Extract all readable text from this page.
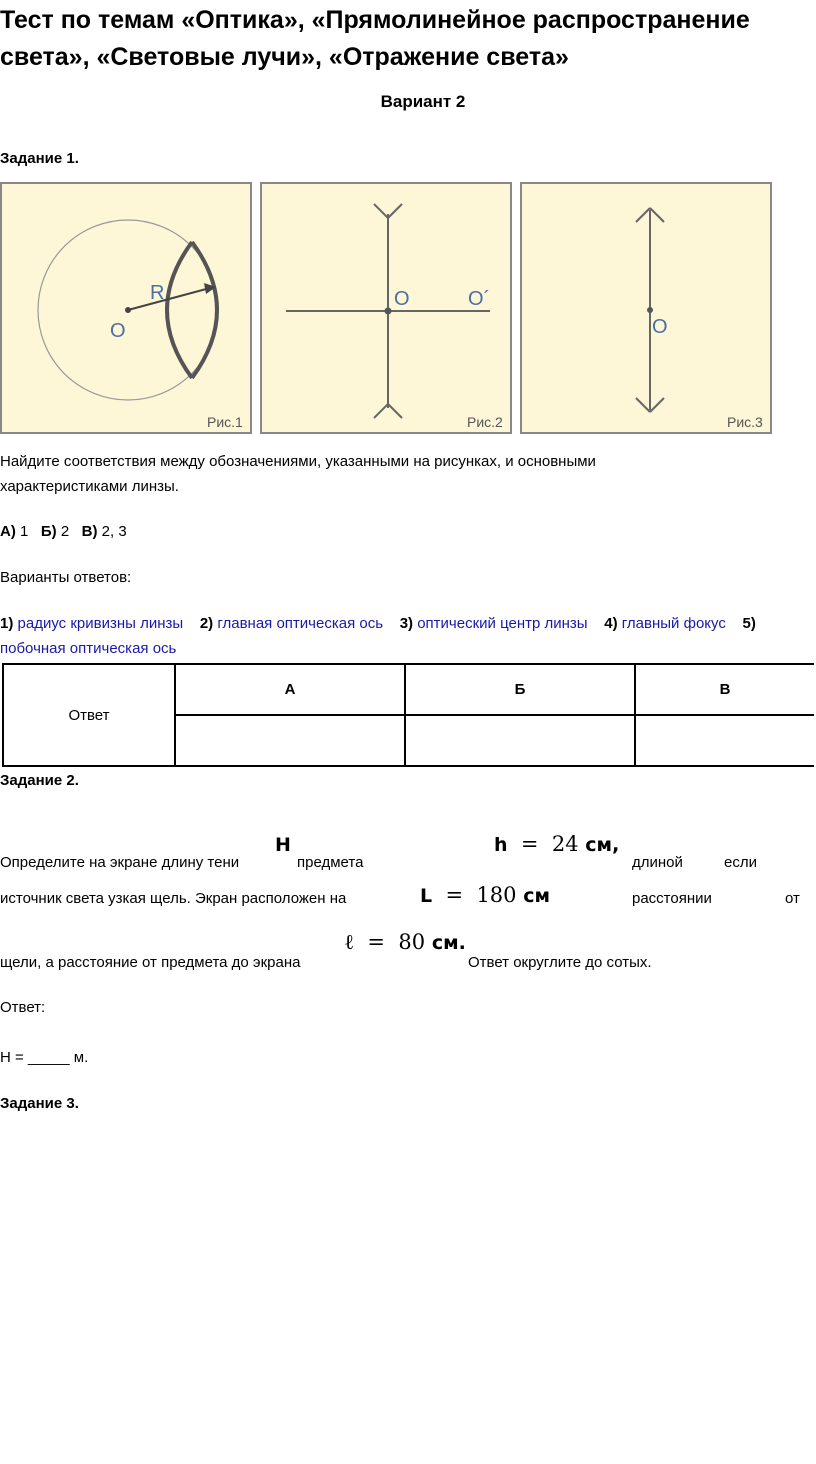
Тест по темам «Оптика», «Прямолинейное распространение света», «Световые лучи», «Отражение света»
Вариант 2
Задание 1.
R
O
Рис.1
O	O´
Рис.2
O
Рис.3
Найдите соответствия между обозначениями, указанными на рисунках, и основными характеристиками линзы.
А) 1 Б) 2 В) 2, 3
Варианты ответов:
1) радиус кривизны линзы 2) главная оптическая ось 3) оптический центр линзы 4) главный фокус 5) побочная оптическая ось
Ответ	А	Б	В

Задание 2.
Определите на экране длину тени
H
предмета
h = 24 см,
длиной	если
источник света узкая щель. Экран расположен на	L = 180 см	расстоянии	от
щели, а расстояние от предмета до экрана
ℓ = 80 см.
Ответ округлите до сотых.
Ответ:
H = _____ м.
Задание 3.
